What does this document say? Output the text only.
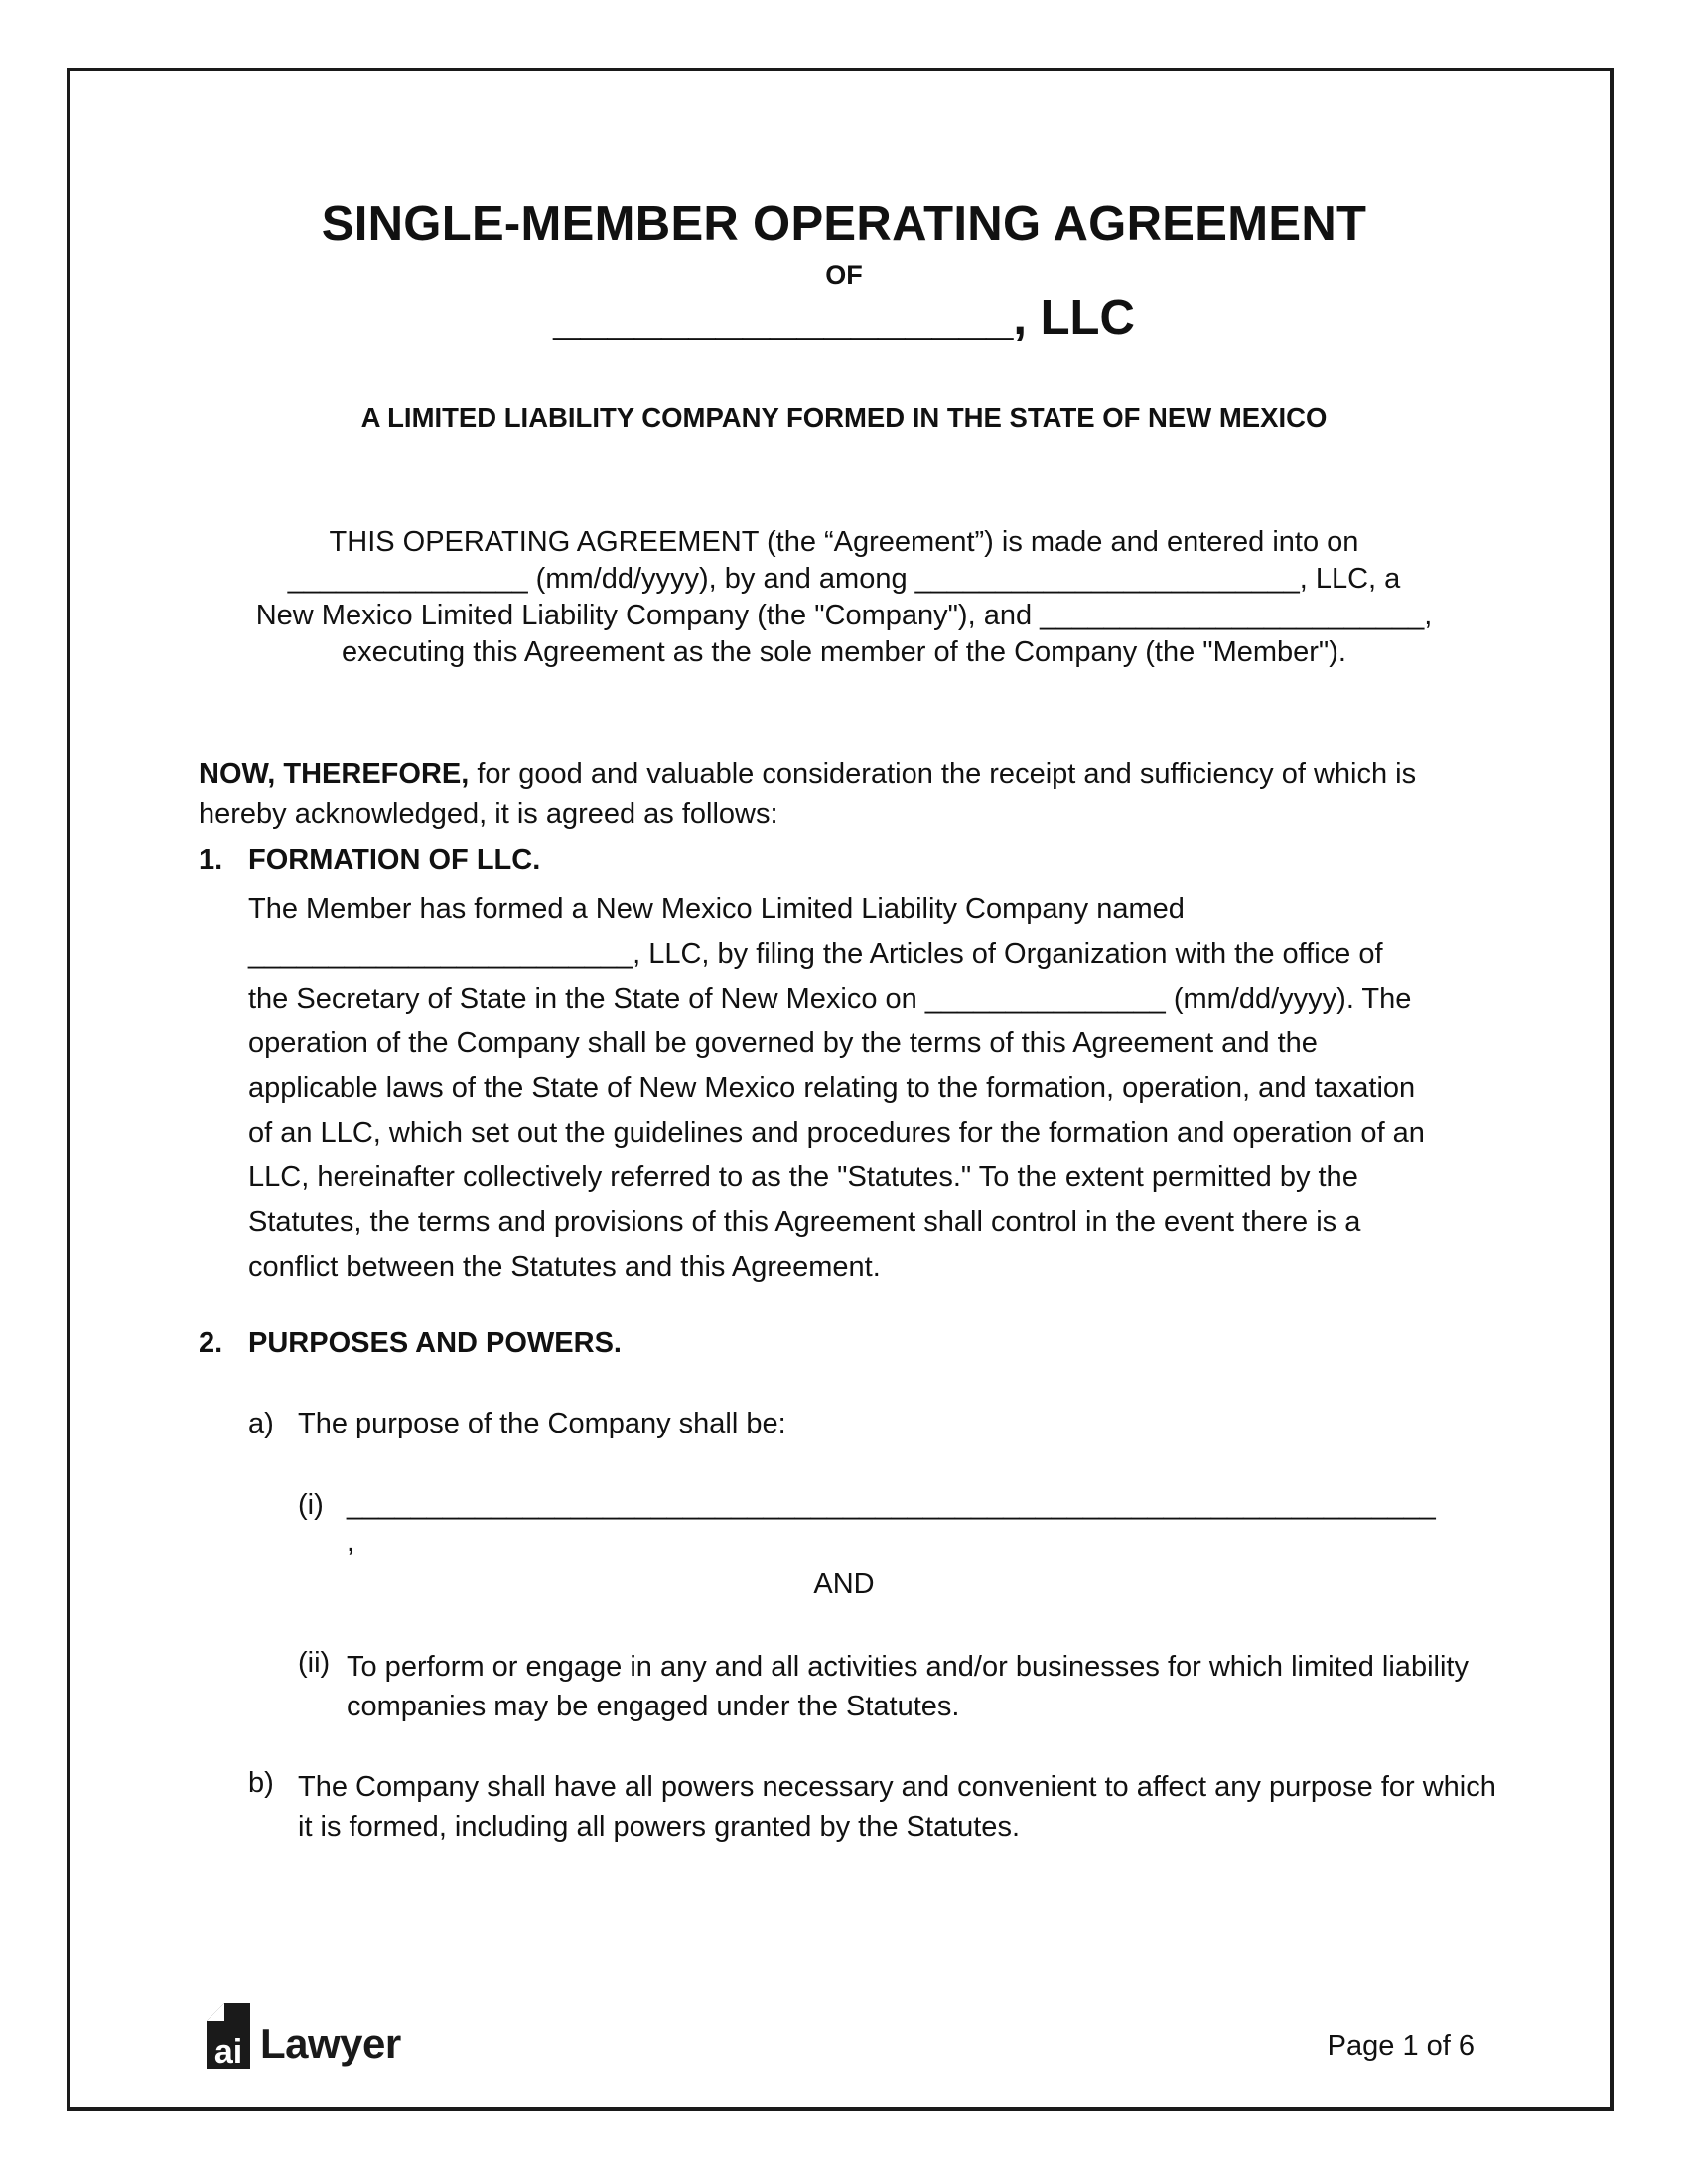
SINGLE-MEMBER OPERATING AGREEMENT
OF
_________________, LLC
A LIMITED LIABILITY COMPANY FORMED IN THE STATE OF NEW MEXICO
THIS OPERATING AGREEMENT (the “Agreement”) is made and entered into on
_______________ (mm/dd/yyyy), by and among ________________________, LLC, a
New Mexico Limited Liability Company (the "Company"), and ________________________,
executing this Agreement as the sole member of the Company (the "Member").
NOW, THEREFORE, for good and valuable consideration the receipt and sufficiency of which is hereby acknowledged, it is agreed as follows:
1. FORMATION OF LLC.
The Member has formed a New Mexico Limited Liability Company named
________________________, LLC, by filing the Articles of Organization with the office of
the Secretary of State in the State of New Mexico on _______________ (mm/dd/yyyy). The
operation of the Company shall be governed by the terms of this Agreement and the
applicable laws of the State of New Mexico relating to the formation, operation, and taxation
of an LLC, which set out the guidelines and procedures for the formation and operation of an
LLC, hereinafter collectively referred to as the "Statutes." To the extent permitted by the
Statutes, the terms and provisions of this Agreement shall control in the event there is a
conflict between the Statutes and this Agreement.
2. PURPOSES AND POWERS.
a) The purpose of the Company shall be:
(i) ____________________________________________________________________
,
AND
(ii) To perform or engage in any and all activities and/or businesses for which limited liability companies may be engaged under the Statutes.
b) The Company shall have all powers necessary and convenient to affect any purpose for which it is formed, including all powers granted by the Statutes.
ai Lawyer	Page 1 of 6
